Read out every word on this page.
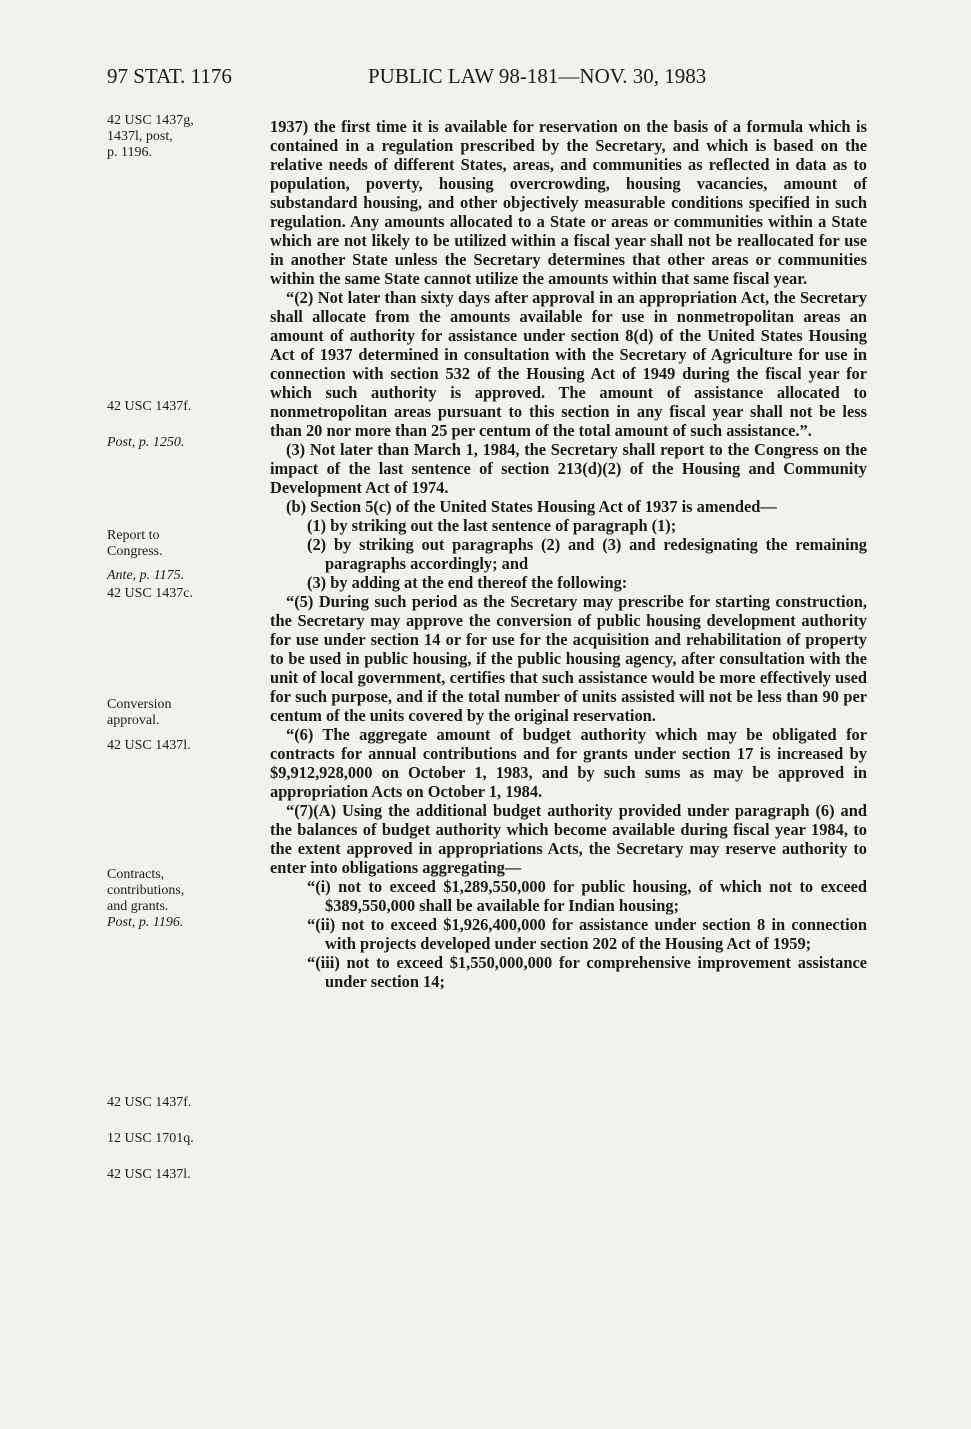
97 STAT. 1176	PUBLIC LAW 98-181—NOV. 30, 1983
42 USC 1437g,
1437l, post,
p. 1196.
42 USC 1437f.
Post, p. 1250.
Report to
Congress.
Ante, p. 1175.
42 USC 1437c.
Conversion
approval.
42 USC 1437l.
Contracts,
contributions,
and grants.
Post, p. 1196.
42 USC 1437f.
12 USC 1701q.
42 USC 1437l.

1937) the first time it is available for reservation on the basis of a formula which is contained in a regulation prescribed by the Secretary, and which is based on the relative needs of different States, areas, and communities as reflected in data as to population, poverty, housing overcrowding, housing vacancies, amount of substandard housing, and other objectively measurable conditions specified in such regulation. Any amounts allocated to a State or areas or communities within a State which are not likely to be utilized within a fiscal year shall not be reallocated for use in another State unless the Secretary determines that other areas or communities within the same State cannot utilize the amounts within that same fiscal year.

“(2) Not later than sixty days after approval in an appropriation Act, the Secretary shall allocate from the amounts available for use in nonmetropolitan areas an amount of authority for assistance under section 8(d) of the United States Housing Act of 1937 determined in consultation with the Secretary of Agriculture for use in connection with section 532 of the Housing Act of 1949 during the fiscal year for which such authority is approved. The amount of assistance allocated to nonmetropolitan areas pursuant to this section in any fiscal year shall not be less than 20 nor more than 25 per centum of the total amount of such assistance.”.

(3) Not later than March 1, 1984, the Secretary shall report to the Congress on the impact of the last sentence of section 213(d)(2) of the Housing and Community Development Act of 1974.

(b) Section 5(c) of the United States Housing Act of 1937 is amended—

(1) by striking out the last sentence of paragraph (1);

(2) by striking out paragraphs (2) and (3) and redesignating the remaining paragraphs accordingly; and

(3) by adding at the end thereof the following:

“(5) During such period as the Secretary may prescribe for starting construction, the Secretary may approve the conversion of public housing development authority for use under section 14 or for use for the acquisition and rehabilitation of property to be used in public housing, if the public housing agency, after consultation with the unit of local government, certifies that such assistance would be more effectively used for such purpose, and if the total number of units assisted will not be less than 90 per centum of the units covered by the original reservation.

“(6) The aggregate amount of budget authority which may be obligated for contracts for annual contributions and for grants under section 17 is increased by $9,912,928,000 on October 1, 1983, and by such sums as may be approved in appropriation Acts on October 1, 1984.

“(7)(A) Using the additional budget authority provided under paragraph (6) and the balances of budget authority which become available during fiscal year 1984, to the extent approved in appropriations Acts, the Secretary may reserve authority to enter into obligations aggregating—

“(i) not to exceed $1,289,550,000 for public housing, of which not to exceed $389,550,000 shall be available for Indian housing;

“(ii) not to exceed $1,926,400,000 for assistance under section 8 in connection with projects developed under section 202 of the Housing Act of 1959;

“(iii) not to exceed $1,550,000,000 for comprehensive improvement assistance under section 14;
